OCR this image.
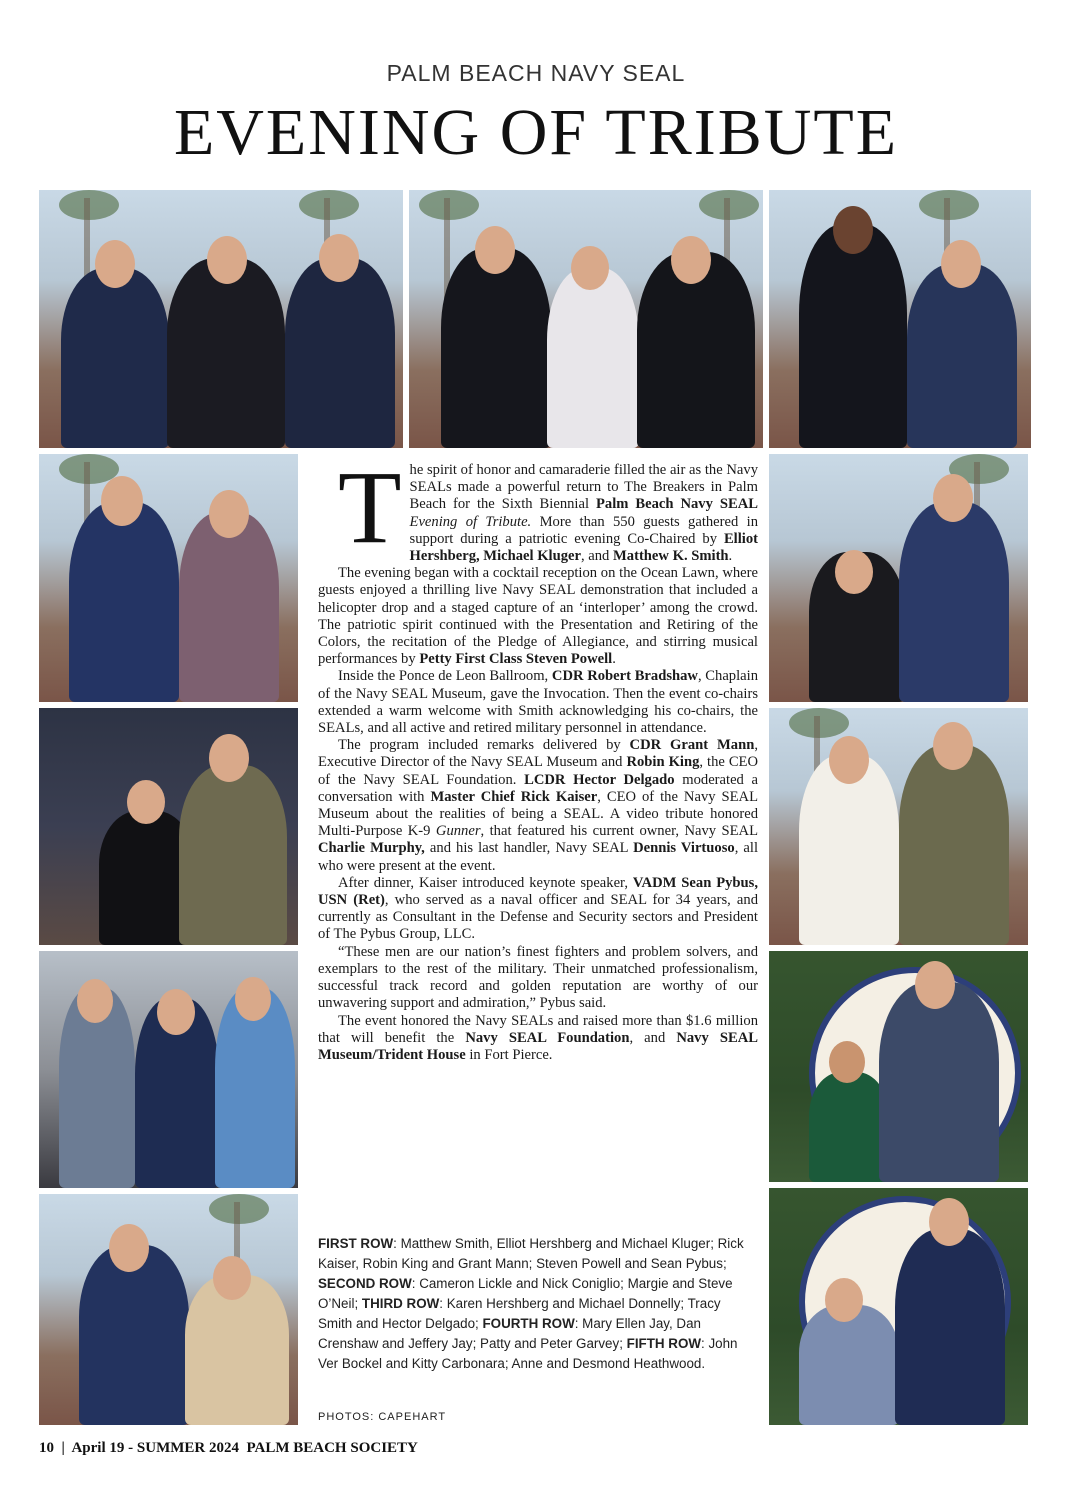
PALM BEACH NAVY SEAL
EVENING OF TRIBUTE
T he spirit of honor and camaraderie filled the air as the Navy SEALs made a powerful return to The Breakers in Palm Beach for the Sixth Biennial Palm Beach Navy SEAL Evening of Tribute. More than 550 guests gathered in support during a patriotic evening Co-Chaired by Elliot Hershberg, Michael Kluger, and Matthew K. Smith.

The evening began with a cocktail reception on the Ocean Lawn, where guests enjoyed a thrilling live Navy SEAL demonstration that included a helicopter drop and a staged capture of an ‘interloper’ among the crowd. The patriotic spirit continued with the Presentation and Retiring of the Colors, the recitation of the Pledge of Allegiance, and stirring musical performances by Petty First Class Steven Powell.

Inside the Ponce de Leon Ballroom, CDR Robert Bradshaw, Chaplain of the Navy SEAL Museum, gave the Invocation. Then the event co-chairs extended a warm welcome with Smith acknowledging his co-chairs, the SEALs, and all active and retired military personnel in attendance.

The program included remarks delivered by CDR Grant Mann, Executive Director of the Navy SEAL Museum and Robin King, the CEO of the Navy SEAL Foundation. LCDR Hector Delgado moderated a conversation with Master Chief Rick Kaiser, CEO of the Navy SEAL Museum about the realities of being a SEAL. A video tribute honored Multi-Purpose K-9 Gunner, that featured his current owner, Navy SEAL Charlie Murphy, and his last handler, Navy SEAL Dennis Virtuoso, all who were present at the event.

After dinner, Kaiser introduced keynote speaker, VADM Sean Pybus, USN (Ret), who served as a naval officer and SEAL for 34 years, and currently as Consultant in the Defense and Security sectors and President of The Pybus Group, LLC.

“These men are our nation’s finest fighters and problem solvers, and exemplars to the rest of the military. Their unmatched professionalism, successful track record and golden reputation are worthy of our unwavering support and admiration,” Pybus said.

The event honored the Navy SEALs and raised more than $1.6 million that will benefit the Navy SEAL Foundation, and Navy SEAL Museum/Trident House in Fort Pierce.

FIRST ROW: Matthew Smith, Elliot Hershberg and Michael Kluger; Rick Kaiser, Robin King and Grant Mann; Steven Powell and Sean Pybus; SECOND ROW: Cameron Lickle and Nick Coniglio; Margie and Steve O’Neil; THIRD ROW: Karen Hershberg and Michael Donnelly; Tracy Smith and Hector Delgado; FOURTH ROW: Mary Ellen Jay, Dan Crenshaw and Jeffery Jay; Patty and Peter Garvey; FIFTH ROW: John Ver Bockel and Kitty Carbonara; Anne and Desmond Heathwood.
PHOTOS: CAPEHART
10  |  April 19 - SUMMER 2024  PALM BEACH SOCIETY
